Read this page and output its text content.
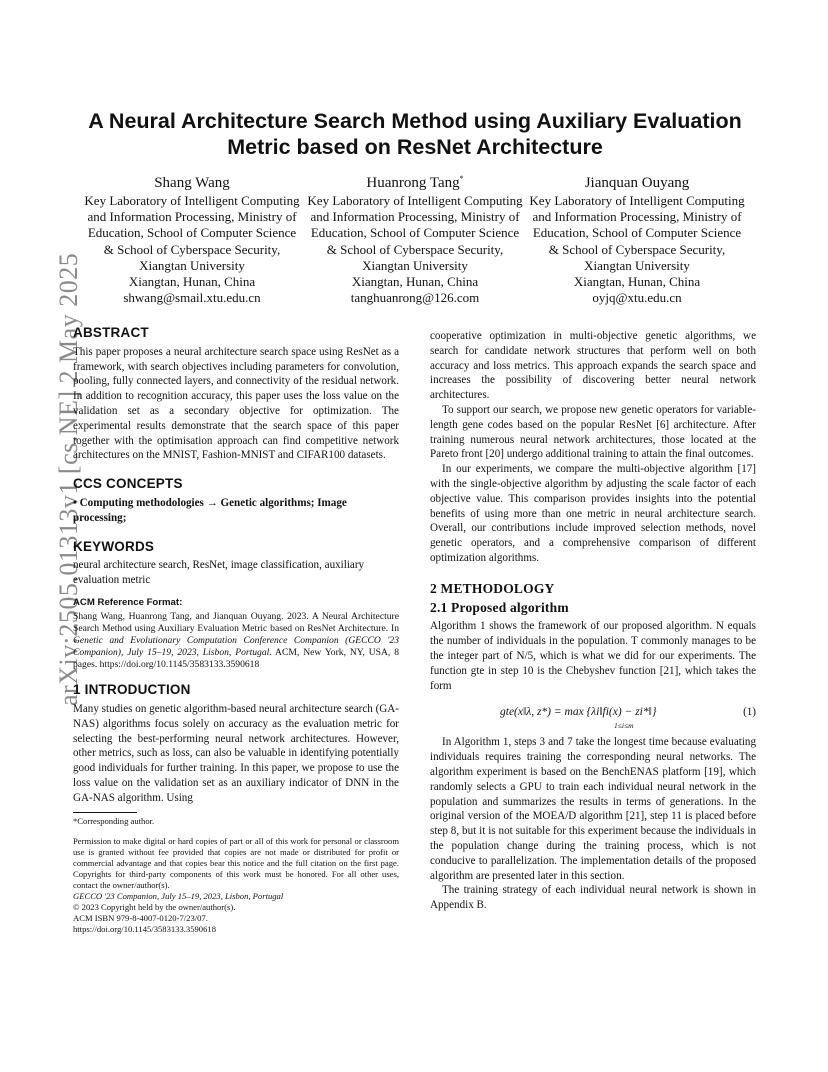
arXiv:2505.01313v1 [cs.NE] 2 May 2025
A Neural Architecture Search Method using Auxiliary Evaluation
Metric based on ResNet Architecture
Shang Wang
Key Laboratory of Intelligent Computing and Information Processing, Ministry of Education, School of Computer Science & School of Cyberspace Security, Xiangtan University
Xiangtan, Hunan, China
shwang@smail.xtu.edu.cn
Huanrong Tang*
Key Laboratory of Intelligent Computing and Information Processing, Ministry of Education, School of Computer Science & School of Cyberspace Security, Xiangtan University
Xiangtan, Hunan, China
tanghuanrong@126.com
Jianquan Ouyang
Key Laboratory of Intelligent Computing and Information Processing, Ministry of Education, School of Computer Science & School of Cyberspace Security, Xiangtan University
Xiangtan, Hunan, China
oyjq@xtu.edu.cn
ABSTRACT

This paper proposes a neural architecture search space using ResNet as a framework, with search objectives including parameters for convolution, pooling, fully connected layers, and connectivity of the residual network. In addition to recognition accuracy, this paper uses the loss value on the validation set as a secondary objective for optimization. The experimental results demonstrate that the search space of this paper together with the optimisation approach can find competitive network architectures on the MNIST, Fashion-MNIST and CIFAR100 datasets.

CCS CONCEPTS

• Computing methodologies → Genetic algorithms; Image processing;

KEYWORDS

neural architecture search, ResNet, image classification, auxiliary evaluation metric

ACM Reference Format:

Shang Wang, Huanrong Tang, and Jianquan Ouyang. 2023. A Neural Architecture Search Method using Auxiliary Evaluation Metric based on ResNet Architecture. In Genetic and Evolutionary Computation Conference Companion (GECCO '23 Companion), July 15–19, 2023, Lisbon, Portugal. ACM, New York, NY, USA, 8 pages. https://doi.org/10.1145/3583133.3590618

1 INTRODUCTION

Many studies on genetic algorithm-based neural architecture search (GA-NAS) algorithms focus solely on accuracy as the evaluation metric for selecting the best-performing neural network architectures. However, other metrics, such as loss, can also be valuable in identifying potentially good individuals for further training. In this paper, we propose to use the loss value on the validation set as an auxiliary indicator of DNN in the GA-NAS algorithm. Using

*Corresponding author.

Permission to make digital or hard copies of part or all of this work for personal or classroom use is granted without fee provided that copies are not made or distributed for profit or commercial advantage and that copies bear this notice and the full citation on the first page. Copyrights for third-party components of this work must be honored. For all other uses, contact the owner/author(s).

GECCO '23 Companion, July 15–19, 2023, Lisbon, Portugal

© 2023 Copyright held by the owner/author(s).

ACM ISBN 979-8-4007-0120-7/23/07.

https://doi.org/10.1145/3583133.3590618

cooperative optimization in multi-objective genetic algorithms, we search for candidate network structures that perform well on both accuracy and loss metrics. This approach expands the search space and increases the possibility of discovering better neural network architectures.

To support our search, we propose new genetic operators for variable-length gene codes based on the popular ResNet [6] architecture. After training numerous neural network architectures, those located at the Pareto front [20] undergo additional training to attain the final outcomes.

In our experiments, we compare the multi-objective algorithm [17] with the single-objective algorithm by adjusting the scale factor of each objective value. This comparison provides insights into the potential benefits of using more than one metric in neural architecture search. Overall, our contributions include improved selection methods, novel genetic operators, and a comprehensive comparison of different optimization algorithms.

2 METHODOLOGY
2.1 Proposed algorithm

Algorithm 1 shows the framework of our proposed algorithm. N equals the number of individuals in the population. T commonly manages to be the integer part of N/5, which is what we did for our experiments. The function gte in step 10 is the Chebyshev function [21], which takes the form

gte(x‖λ, z*) = max {λi‖fi(x) − zi*‖}
1≤i≤m
(1)

In Algorithm 1, steps 3 and 7 take the longest time because evaluating individuals requires training the corresponding neural networks. The algorithm experiment is based on the BenchENAS platform [19], which randomly selects a GPU to train each individual neural network in the population and summarizes the results in terms of generations. In the original version of the MOEA/D algorithm [21], step 11 is placed before step 8, but it is not suitable for this experiment because the individuals in the population change during the training process, which is not conducive to parallelization. The implementation details of the proposed algorithm are presented later in this section.

The training strategy of each individual neural network is shown in Appendix B.
